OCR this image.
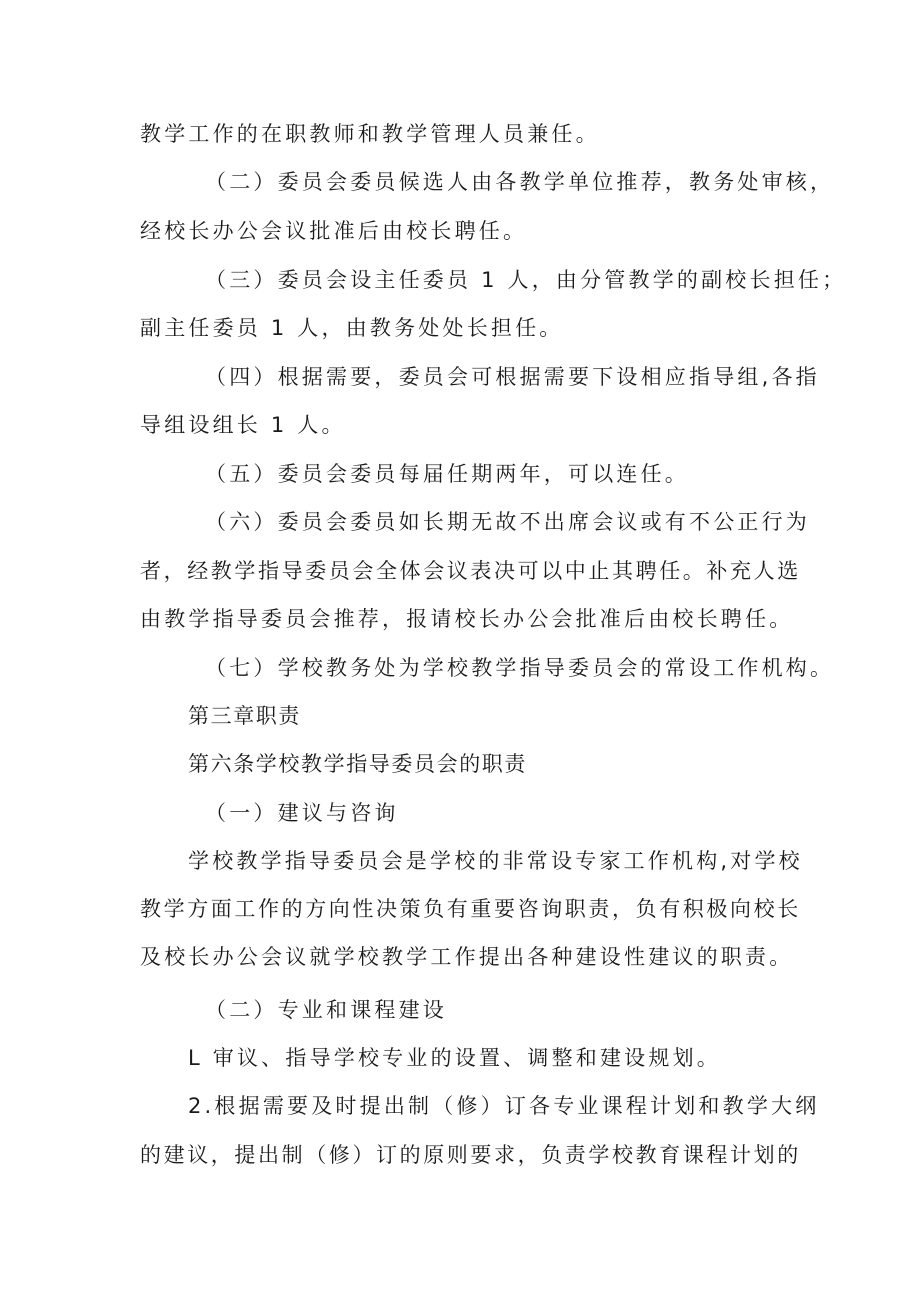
教学工作的在职教师和教学管理人员兼任。
（二）委员会委员候选人由各教学单位推荐，教务处审核，
经校长办公会议批准后由校长聘任。
（三）委员会设主任委员 1 人，由分管教学的副校长担任；
副主任委员 1 人，由教务处处长担任。
（四）根据需要，委员会可根据需要下设相应指导组,各指
导组设组长 1 人。
（五）委员会委员每届任期两年，可以连任。
（六）委员会委员如长期无故不出席会议或有不公正行为
者，经教学指导委员会全体会议表决可以中止其聘任。补充人选
由教学指导委员会推荐，报请校长办公会批准后由校长聘任。
（七）学校教务处为学校教学指导委员会的常设工作机构。
第三章职责
第六条学校教学指导委员会的职责
（一）建议与咨询
学校教学指导委员会是学校的非常设专家工作机构,对学校
教学方面工作的方向性决策负有重要咨询职责，负有积极向校长
及校长办公会议就学校教学工作提出各种建设性建议的职责。
（二）专业和课程建设
L 审议、指导学校专业的设置、调整和建设规划。
2.根据需要及时提出制（修）订各专业课程计划和教学大纲
的建议，提出制（修）订的原则要求，负责学校教育课程计划的
